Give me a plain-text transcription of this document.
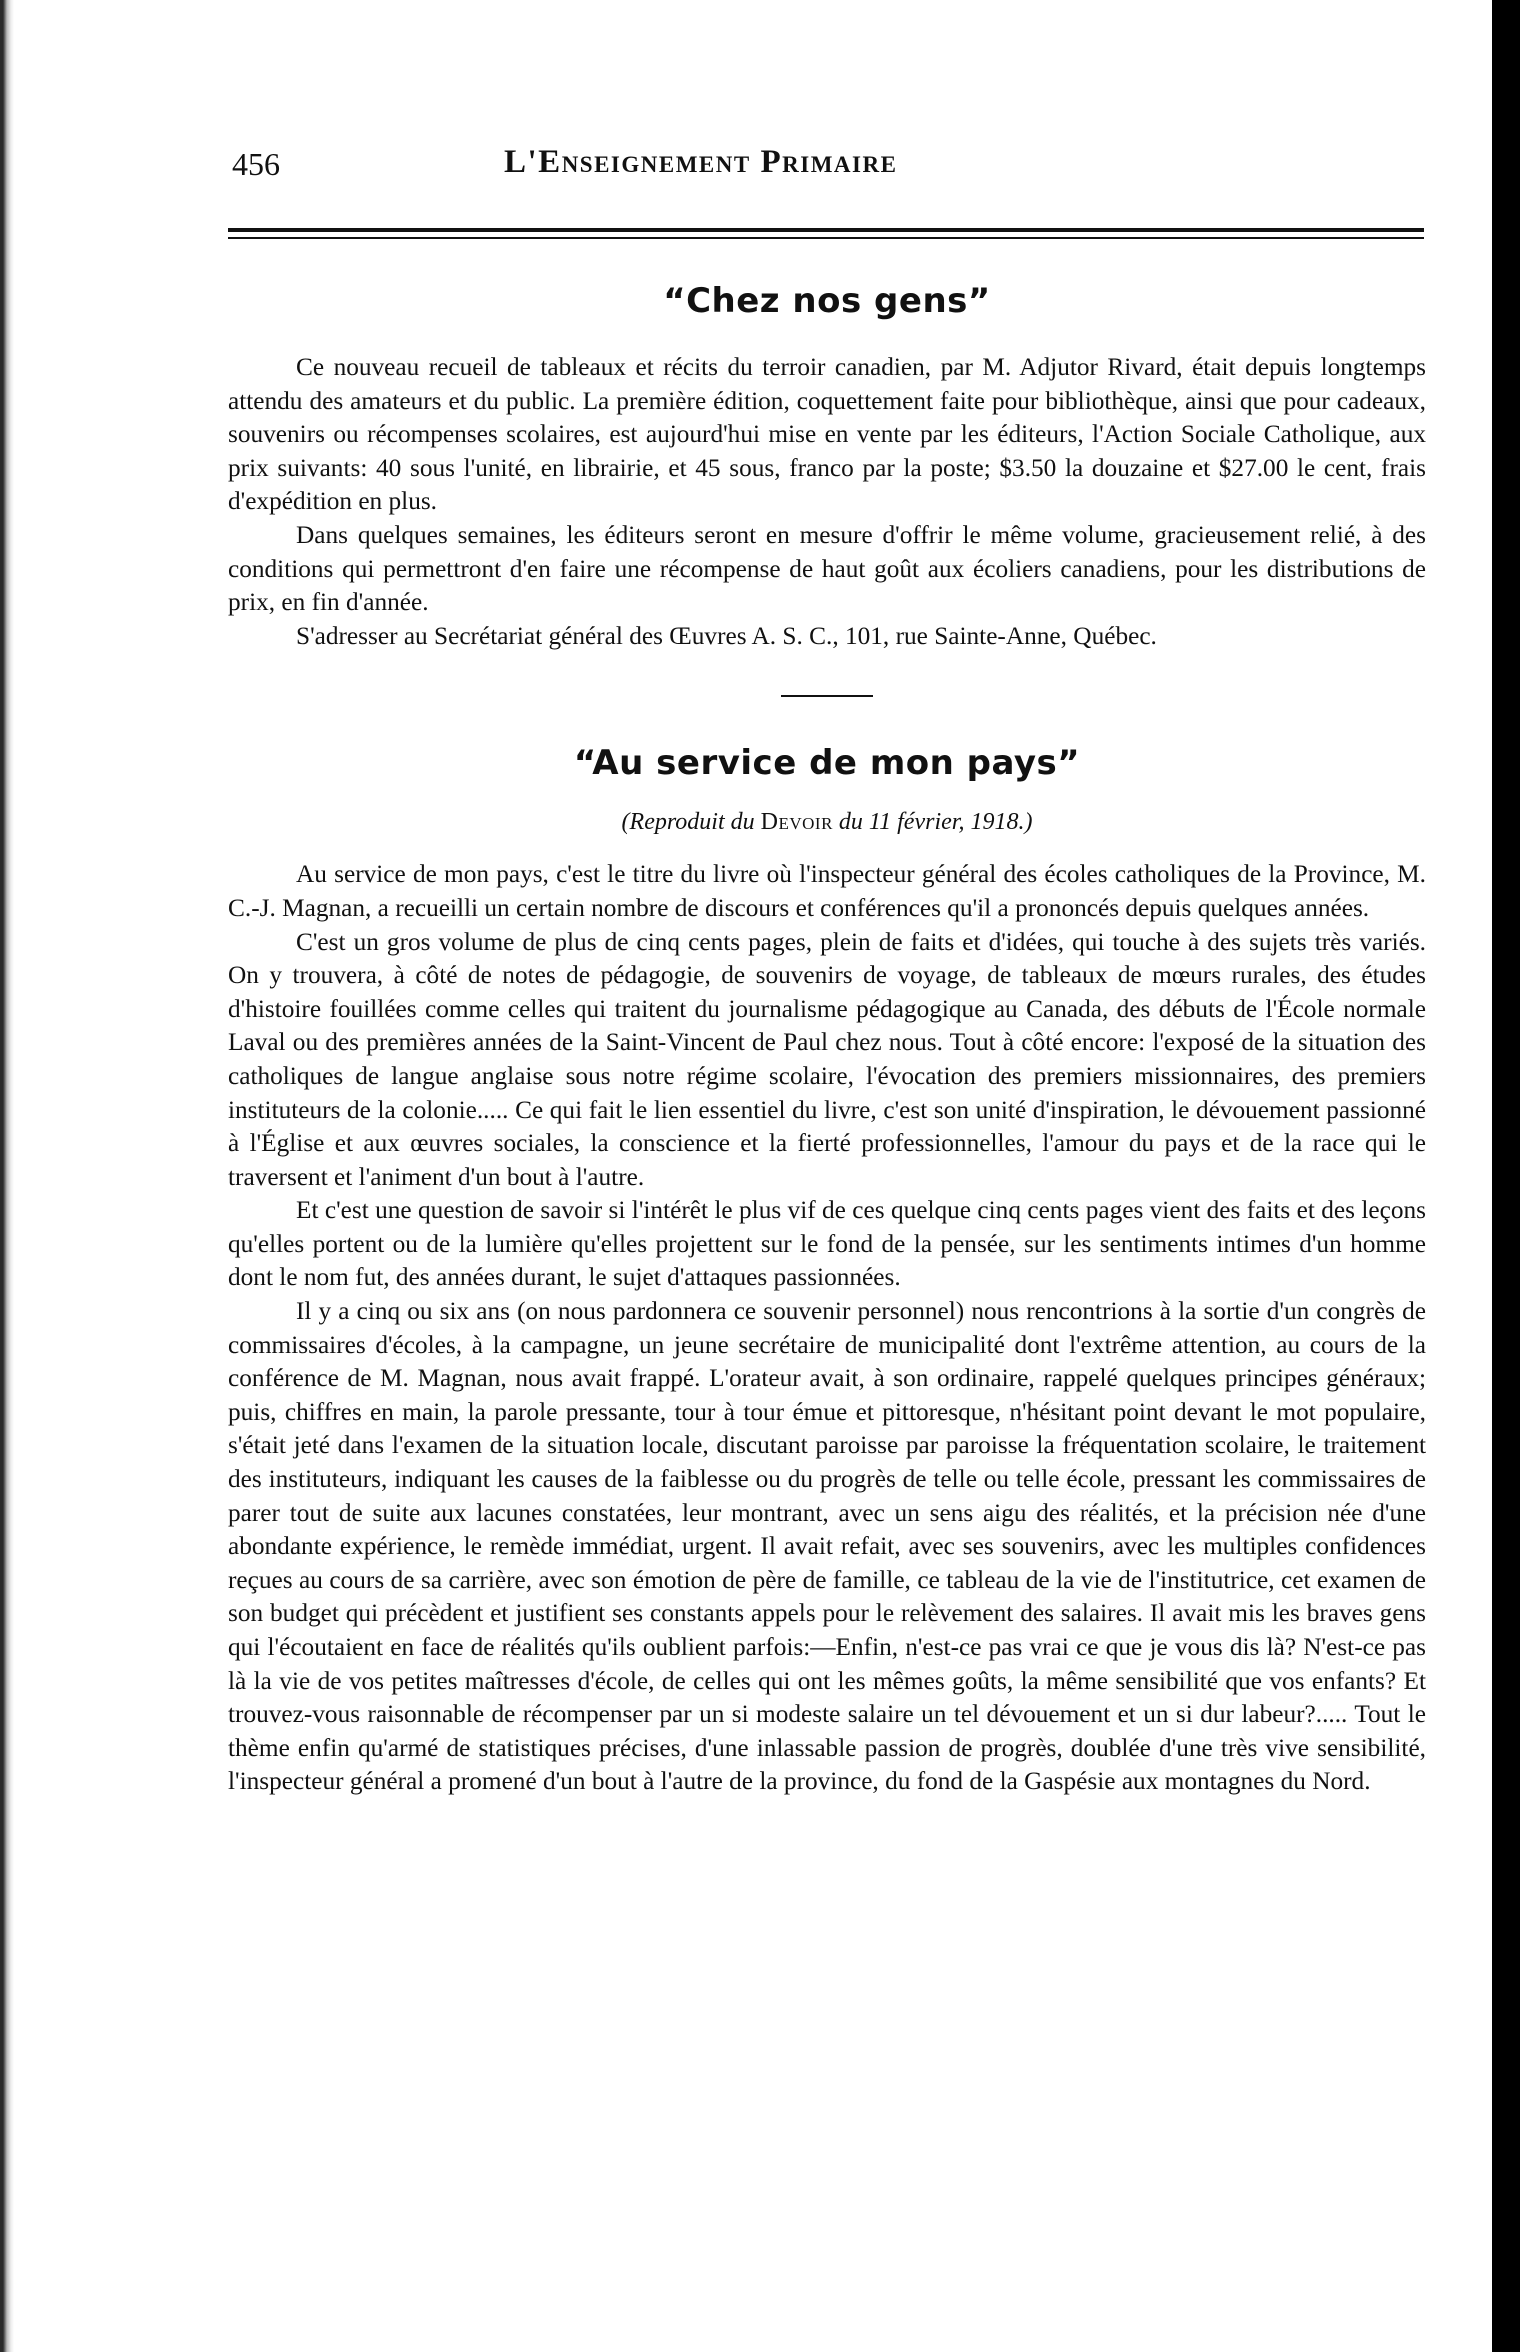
456	L'Enseignement Primaire
“Chez nos gens”

Ce nouveau recueil de tableaux et récits du terroir canadien, par M. Adjutor Rivard, était depuis longtemps attendu des amateurs et du public. La première édition, coquettement faite pour bibliothèque, ainsi que pour cadeaux, souvenirs ou récompenses scolaires, est aujourd'hui mise en vente par les éditeurs, l'Action Sociale Catholique, aux prix suivants: 40 sous l'unité, en librairie, et 45 sous, franco par la poste; $3.50 la douzaine et $27.00 le cent, frais d'expédition en plus.

Dans quelques semaines, les éditeurs seront en mesure d'offrir le même volume, gracieusement relié, à des conditions qui permettront d'en faire une récompense de haut goût aux écoliers canadiens, pour les distributions de prix, en fin d'année.

S'adresser au Secrétariat général des Œuvres A. S. C., 101, rue Sainte-Anne, Québec.

“Au service de mon pays”
(Reproduit du Devoir du 11 février, 1918.)

Au service de mon pays, c'est le titre du livre où l'inspecteur général des écoles catholiques de la Province, M. C.-J. Magnan, a recueilli un certain nombre de discours et conférences qu'il a prononcés depuis quelques années.

C'est un gros volume de plus de cinq cents pages, plein de faits et d'idées, qui touche à des sujets très variés. On y trouvera, à côté de notes de pédagogie, de souvenirs de voyage, de tableaux de mœurs rurales, des études d'histoire fouillées comme celles qui traitent du journalisme pédagogique au Canada, des débuts de l'École normale Laval ou des premières années de la Saint-Vincent de Paul chez nous. Tout à côté encore: l'exposé de la situation des catholiques de langue anglaise sous notre régime scolaire, l'évocation des premiers missionnaires, des premiers instituteurs de la colonie..... Ce qui fait le lien essentiel du livre, c'est son unité d'inspiration, le dévouement passionné à l'Église et aux œuvres sociales, la conscience et la fierté professionnelles, l'amour du pays et de la race qui le traversent et l'animent d'un bout à l'autre.

Et c'est une question de savoir si l'intérêt le plus vif de ces quelque cinq cents pages vient des faits et des leçons qu'elles portent ou de la lumière qu'elles projettent sur le fond de la pensée, sur les sentiments intimes d'un homme dont le nom fut, des années durant, le sujet d'attaques passionnées.

Il y a cinq ou six ans (on nous pardonnera ce souvenir personnel) nous rencontrions à la sortie d'un congrès de commissaires d'écoles, à la campagne, un jeune secrétaire de municipalité dont l'extrême attention, au cours de la conférence de M. Magnan, nous avait frappé. L'orateur avait, à son ordinaire, rappelé quelques principes généraux; puis, chiffres en main, la parole pressante, tour à tour émue et pittoresque, n'hésitant point devant le mot populaire, s'était jeté dans l'examen de la situation locale, discutant paroisse par paroisse la fréquentation scolaire, le traitement des instituteurs, indiquant les causes de la faiblesse ou du progrès de telle ou telle école, pressant les commissaires de parer tout de suite aux lacunes constatées, leur montrant, avec un sens aigu des réalités, et la précision née d'une abondante expérience, le remède immédiat, urgent. Il avait refait, avec ses souvenirs, avec les multiples confidences reçues au cours de sa carrière, avec son émotion de père de famille, ce tableau de la vie de l'institutrice, cet examen de son budget qui précèdent et justifient ses constants appels pour le relèvement des salaires. Il avait mis les braves gens qui l'écoutaient en face de réalités qu'ils oublient parfois:—Enfin, n'est-ce pas vrai ce que je vous dis là? N'est-ce pas là la vie de vos petites maîtresses d'école, de celles qui ont les mêmes goûts, la même sensibilité que vos enfants? Et trouvez-vous raisonnable de récompenser par un si modeste salaire un tel dévouement et un si dur labeur?..... Tout le thème enfin qu'armé de statistiques précises, d'une inlassable passion de progrès, doublée d'une très vive sensibilité, l'inspecteur général a promené d'un bout à l'autre de la province, du fond de la Gaspésie aux montagnes du Nord.
